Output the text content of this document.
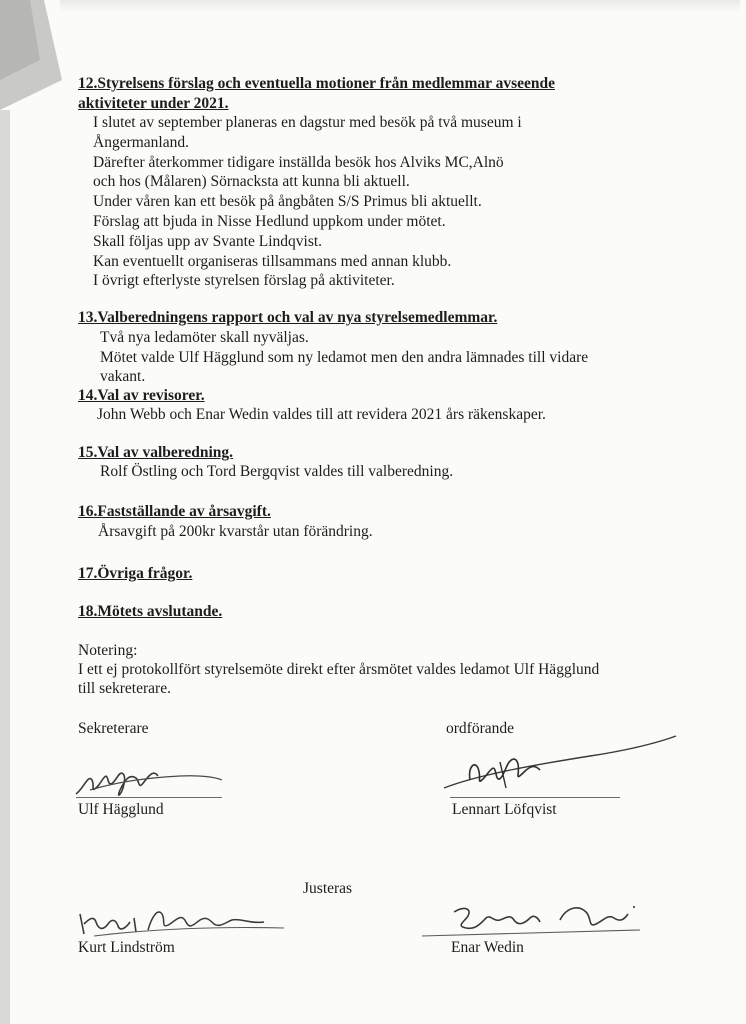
12.Styrelsens förslag och eventuella motioner från medlemmar avseende
aktiviteter under 2021.
I slutet av september planeras en dagstur med besök på två museum i
Ångermanland.
Därefter återkommer tidigare inställda besök hos Alviks MC,Alnö
och hos (Målaren) Sörnacksta att kunna bli aktuell.
Under våren kan ett besök på ångbåten S/S Primus bli aktuellt.
Förslag att bjuda in Nisse Hedlund uppkom under mötet.
Skall följas upp av Svante Lindqvist.
Kan eventuellt organiseras tillsammans med annan klubb.
I övrigt efterlyste styrelsen förslag på aktiviteter.
13.Valberedningens rapport och val av nya styrelsemedlemmar.
Två nya ledamöter skall nyväljas.
Mötet valde Ulf Hägglund som ny ledamot men den andra lämnades till vidare
vakant.
14.Val av revisorer.
John Webb och Enar Wedin valdes till att revidera 2021 års räkenskaper.
15.Val av valberedning.
Rolf Östling och Tord Bergqvist valdes till valberedning.
16.Fastställande av årsavgift.
Årsavgift på 200kr kvarstår utan förändring.
17.Övriga frågor.
18.Mötets avslutande.
Notering:
I ett ej protokollfört styrelsemöte direkt efter årsmötet valdes ledamot Ulf Hägglund
till sekreterare.
Sekreterare	ordförande
Ulf Hägglund	Lennart Löfqvist
Justeras
Kurt Lindström	Enar Wedin
